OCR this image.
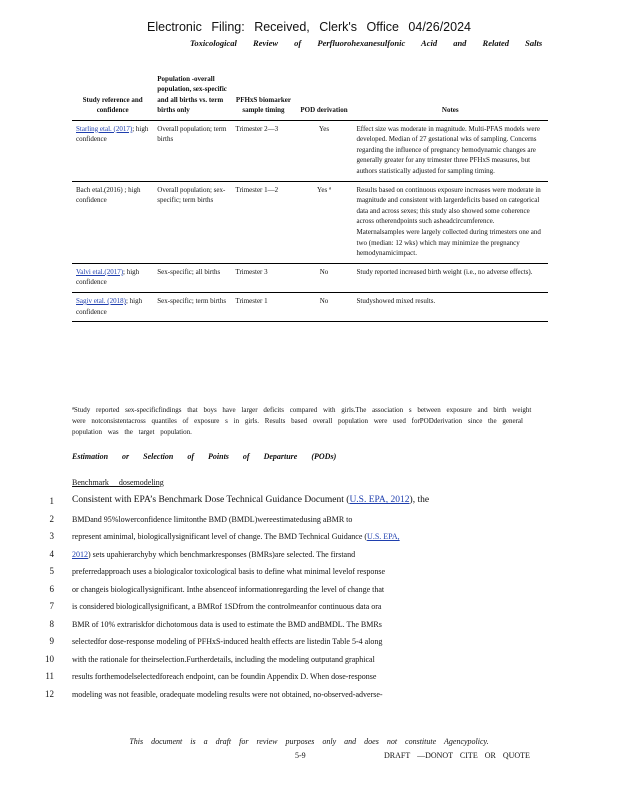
Electronic Filing: Received, Clerk's Office 04/26/2024
Toxicological Review of Perfluorohexanesulfonic Acid and Related Salts
Study reference and confidence	Population -overall population, sex-specific and all births vs. term births only	PFHxS biomarker sample timing	POD derivation	Notes
Starling etal. (2017); high confidence	Overall population; term births	Trimester 2—3	Yes	Effect size was moderate in magnitude. Multi-PFAS models were developed. Median of 27 gestational wks of sampling. Concerns regarding the influence of pregnancy hemodynamic changes are generally greater for any trimester three PFHxS measures, but authors statistically adjusted for sampling timing.
Bach etal.(2016) ; high confidence	Overall population; sex-specific; term births	Trimester 1—2	Yes ª	Results based on continuous exposure increases were moderate in magnitude and consistent with largerdeficits based on categorical data and across sexes; this study also showed some coherence across otherendpoints such asheadcircumference. Maternalsamples were largely collected during trimesters one and two (median: 12 wks) which may minimize the pregnancy hemodynamicimpact.
Valvi etal.(2017); high confidence	Sex-specific; all births	Trimester 3	No	Study reported increased birth weight (i.e., no adverse effects).
Sagiv etal. (2018); high confidence	Sex-specific; term births	Trimester 1	No	Studyshowed mixed results.
ªStudy reported sex-specificfindings that boys have larger deficits compared with girls.The association s between exposure and birth weight were notconsistentacross quantiles of exposure s in girls. Results based overall population were used forPODderivation since the general population was the target population.
Estimation or Selection of Points of Departure (PODs)
Benchmark dosemodeling
1 Consistent with EPA’s Benchmark Dose Technical Guidance Document (U.S. EPA, 2012), the
2 BMDand 95%lowerconfidence limitonthe BMD (BMDL)wereestimatedusing aBMR to
3 represent aminimal, biologicallysignificant level of change. The BMD Technical Guidance (U.S. EPA,
4 2012) sets upahierarchyby which benchmarkresponses (BMRs)are selected. The firstand
5 preferredapproach uses a biologicalor toxicological basis to define what minimal levelof response
6 or changeis biologicallysignificant. Inthe absenceof informationregarding the level of change that
7 is considered biologicallysignificant, a BMRof 1SDfrom the controlmeanfor continuous data ora
8 BMR of 10% extrariskfor dichotomous data is used to estimate the BMD andBMDL. The BMRs
9 selectedfor dose-response modeling of PFHxS-induced health effects are listedin Table 5-4 along
10 with the rationale for theirselection.Furtherdetails, including the modeling outputand graphical
11 results forthemodelselectedforeach endpoint, can be foundin Appendix D. When dose-response
12 modeling was not feasible, oradequate modeling results were not obtained, no-observed-adverse-
This document is a draft for review purposes only and does not constitute Agencypolicy.
5-9	DRAFT —DONOT CITE OR QUOTE
